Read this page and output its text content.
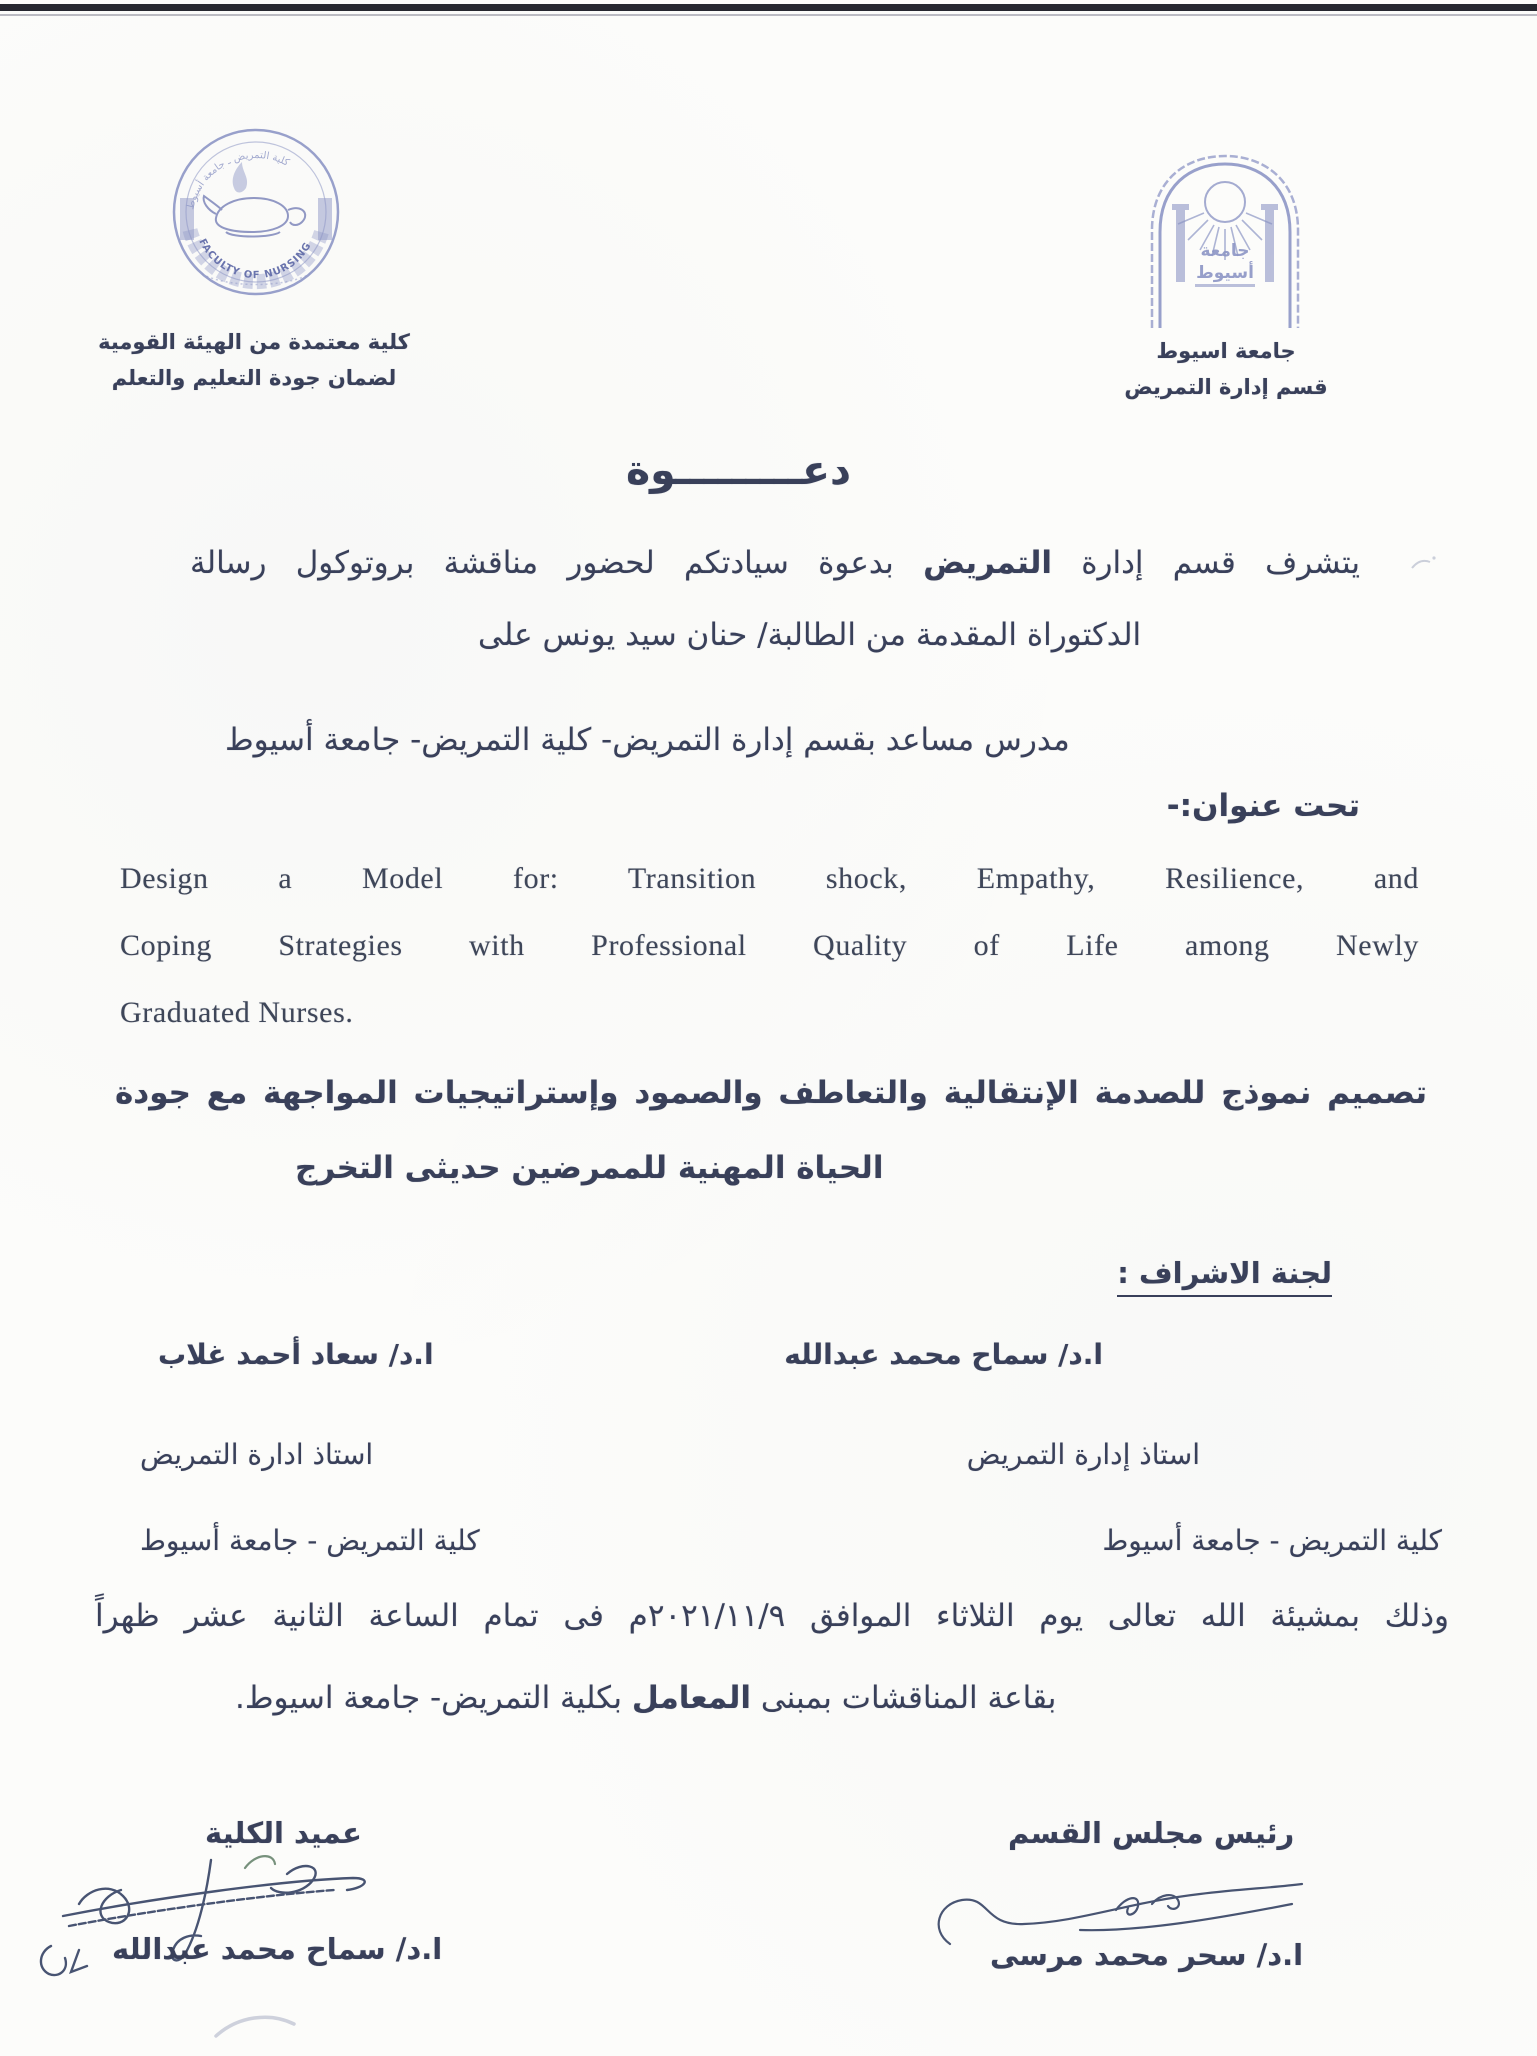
كلية التمريض ـ جامعة أسيوط
FACULTY OF NURSING
كلية معتمدة من الهيئة القومية
لضمان جودة التعليم والتعلم
جامعة
أسيوط
جامعة اسيوط
قسم إدارة التمريض
دعـــــــــوة
يتشرف قسم إدارة التمريض بدعوة سيادتكم لحضور مناقشة بروتوكول رسالة
الدكتوراة المقدمة من الطالبة/ حنان سيد يونس على
مدرس مساعد بقسم إدارة التمريض- كلية التمريض- جامعة أسيوط
تحت عنوان:-
Design a Model for: Transition shock, Empathy, Resilience, and
Coping Strategies with Professional Quality of Life among Newly
Graduated Nurses.
تصميم نموذج للصدمة الإنتقالية والتعاطف والصمود وإستراتيجيات المواجهة مع جودة
الحياة المهنية للممرضين حديثى التخرج
لجنة الاشراف :
ا.د/ سماح محمد عبدالله
ا.د/ سعاد أحمد غلاب
استاذ إدارة التمريض
استاذ ادارة التمريض
كلية التمريض - جامعة أسيوط
كلية التمريض - جامعة أسيوط
وذلك بمشيئة الله تعالى يوم الثلاثاء الموافق ٢٠٢١/١١/٩م فى تمام الساعة الثانية عشر ظهراً
بقاعة المناقشات بمبنى المعامل بكلية التمريض- جامعة اسيوط.
عميد الكلية	رئيس مجلس القسم
ا.د/ سماح محمد عبدالله	ا.د/ سحر محمد مرسى
